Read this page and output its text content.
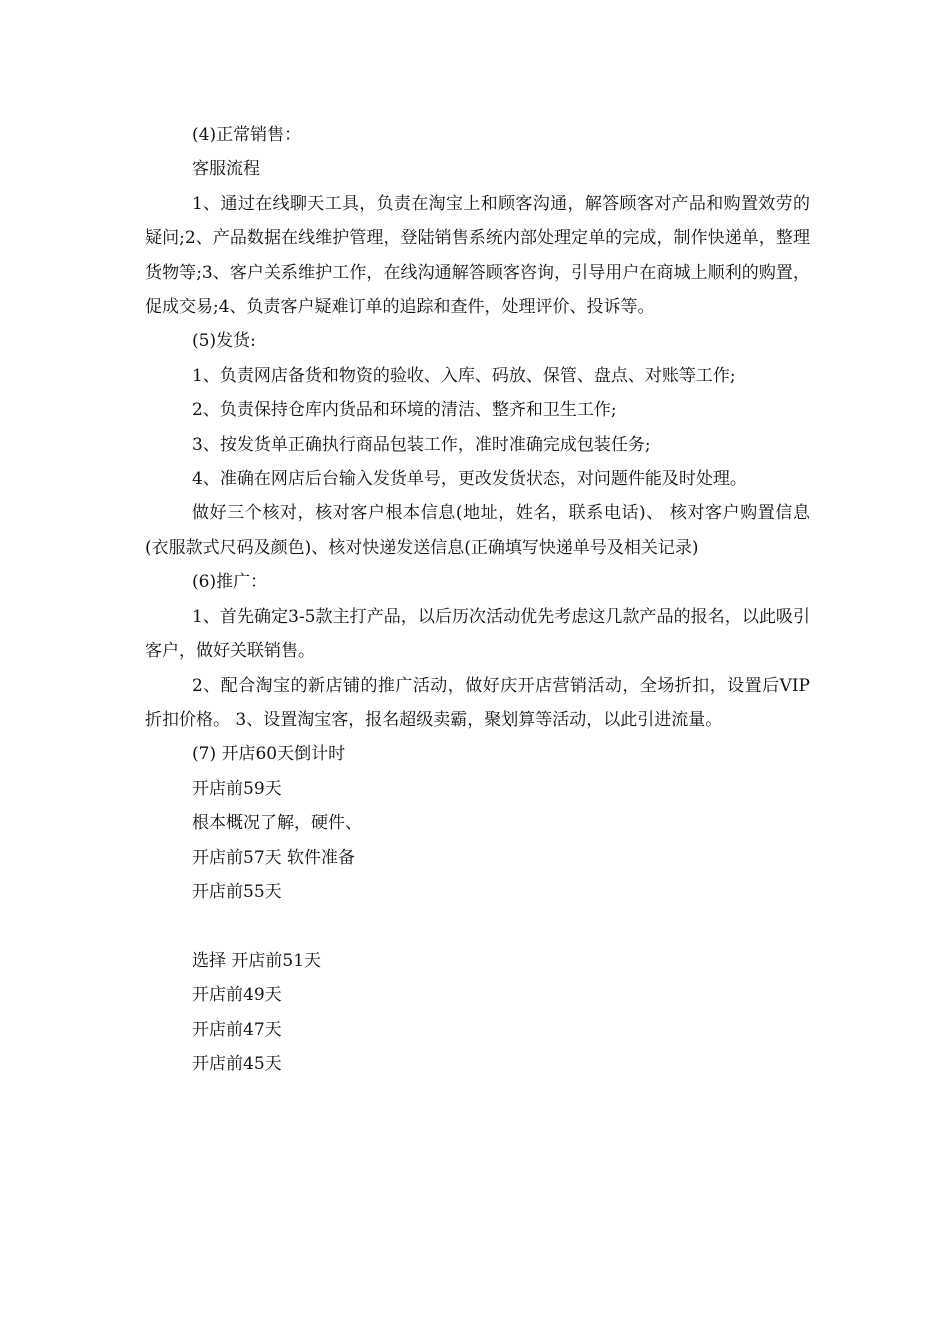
(4)正常销售：

客服流程

1、通过在线聊天工具，负责在淘宝上和顾客沟通，解答顾客对产品和购置效劳的疑问;2、产品数据在线维护管理，登陆销售系统内部处理定单的完成，制作快递单，整理货物等;3、客户关系维护工作，在线沟通解答顾客咨询，引导用户在商城上顺利的购置，促成交易;4、负责客户疑难订单的追踪和查件，处理评价、投诉等。

(5)发货:

1、负责网店备货和物资的验收、入库、码放、保管、盘点、对账等工作;

2、负责保持仓库内货品和环境的清洁、整齐和卫生工作;

3、按发货单正确执行商品包装工作，准时准确完成包装任务;

4、准确在网店后台输入发货单号，更改发货状态，对问题件能及时处理。

做好三个核对，核对客户根本信息(地址，姓名，联系电话)、 核对客户购置信息(衣服款式尺码及颜色)、核对快递发送信息(正确填写快递单号及相关记录)

(6)推广：

1、首先确定3-5款主打产品，以后历次活动优先考虑这几款产品的报名，以此吸引客户，做好关联销售。

2、配合淘宝的新店铺的推广活动，做好庆开店营销活动，全场折扣，设置后VIP折扣价格。 3、设置淘宝客，报名超级卖霸，聚划算等活动，以此引进流量。

(7) 开店60天倒计时

开店前59天

根本概况了解，硬件、

开店前57天 软件准备

开店前55天

选择 开店前51天

开店前49天

开店前47天

开店前45天
